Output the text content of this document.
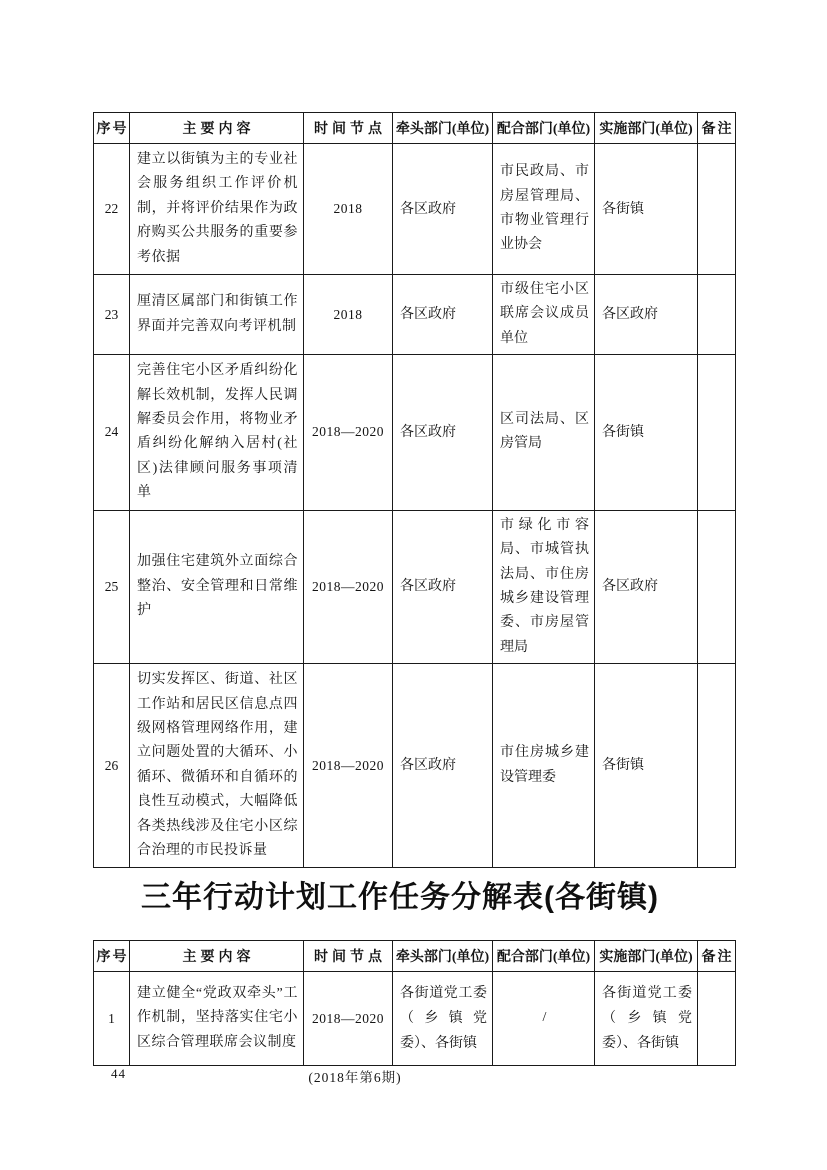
序号	主要内容	时间节点	牵头部门(单位)	配合部门(单位)	实施部门(单位)	备注
22	建立以街镇为主的专业社会服务组织工作评价机制，并将评价结果作为政府购买公共服务的重要参考依据	2018	各区政府	市民政局、市房屋管理局、市物业管理行业协会	各街镇	
23	厘清区属部门和街镇工作界面并完善双向考评机制	2018	各区政府	市级住宅小区联席会议成员单位	各区政府	
24	完善住宅小区矛盾纠纷化解长效机制，发挥人民调解委员会作用，将物业矛盾纠纷化解纳入居村(社区)法律顾问服务事项清单	2018—2020	各区政府	区司法局、区房管局	各街镇	
25	加强住宅建筑外立面综合整治、安全管理和日常维护	2018—2020	各区政府	市绿化市容局、市城管执法局、市住房城乡建设管理委、市房屋管理局	各区政府	
26	切实发挥区、街道、社区工作站和居民区信息点四级网格管理网络作用，建立问题处置的大循环、小循环、微循环和自循环的良性互动模式，大幅降低各类热线涉及住宅小区综合治理的市民投诉量	2018—2020	各区政府	市住房城乡建设管理委	各街镇	
三年行动计划工作任务分解表(各街镇)
序号	主要内容	时间节点	牵头部门(单位)	配合部门(单位)	实施部门(单位)	备注
1	建立健全“党政双牵头”工作机制，坚持落实住宅小区综合管理联席会议制度	2018—2020	各街道党工委（乡镇党委）、各街镇	/	各街道党工委（乡镇党委）、各街镇	
44	(2018年第6期)
